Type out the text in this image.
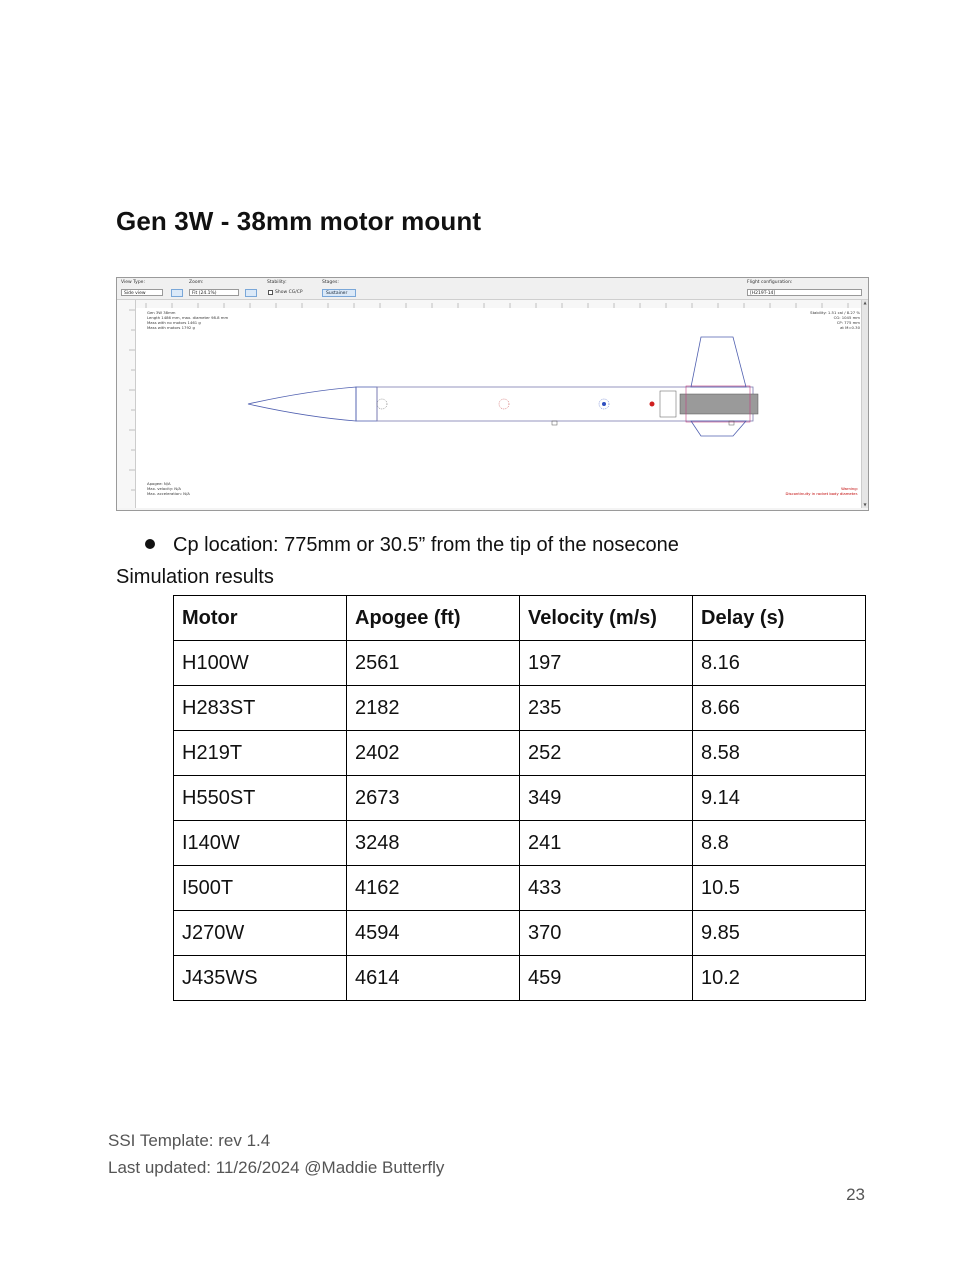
Gen 3W - 38mm motor mount
View Type:
Side view
Zoom:
Fit (24.1%)
Stability:
Show CG/CP
Stages:
Sustainer
Flight configuration:
[H219T-14]
Gen 3W 38mm
Length 1486 mm, max. diameter 98.8 mm
Mass with no motors 1461 g
Mass with motors 1792 g
Stability: 1.51 cal / 8.27 %
CG: 1045 mm
CP: 775 mm
at M=0.30
Apogee: N/A
Max. velocity: N/A
Max. acceleration: N/A
Warning:
Discontinuity in rocket body diameter.
▲
▼
Cp location: 775mm or 30.5” from the tip of the nosecone
Simulation results
Motor	Apogee (ft)	Velocity (m/s)	Delay (s)
H100W	2561	197	8.16
H283ST	2182	235	8.66
H219T	2402	252	8.58
H550ST	2673	349	9.14
I140W	3248	241	8.8
I500T	4162	433	10.5
J270W	4594	370	9.85
J435WS	4614	459	10.2
SSI Template: rev 1.4
Last updated: 11/26/2024 @Maddie Butterfly
23
